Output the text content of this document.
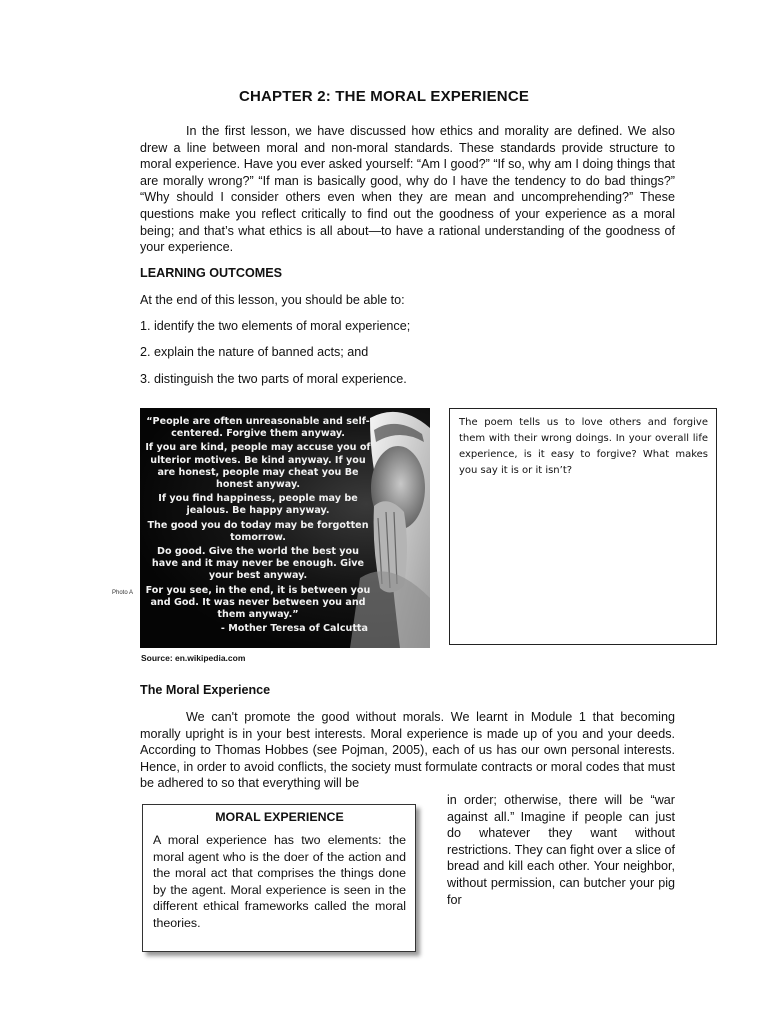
CHAPTER 2: THE MORAL EXPERIENCE

In the first lesson, we have discussed how ethics and morality are defined. We also drew a line between moral and non-moral standards. These standards provide structure to moral experience. Have you ever asked yourself: “Am I good?” “If so, why am I doing things that are morally wrong?” “If man is basically good, why do I have the tendency to do bad things?” “Why should I consider others even when they are mean and uncomprehending?” These questions make you reflect critically to find out the goodness of your experience as a moral being; and that’s what ethics is all about—to have a rational understanding of the goodness of your experience.

LEARNING OUTCOMES
At the end of this lesson, you should be able to:
1. identify the two elements of moral experience;
2. explain the nature of banned acts; and
3. distinguish the two parts of moral experience.

“People are often unreasonable and self-centered. Forgive them anyway.

If you are kind, people may accuse you of ulterior motives. Be kind anyway. If you are honest, people may cheat you Be honest anyway.

If you find happiness, people may be jealous. Be happy anyway.

The good you do today may be forgotten tomorrow.

Do good. Give the world the best you have and it may never be enough. Give your best anyway.

For you see, in the end, it is between you and God. It was never between you and them anyway.”

- Mother Teresa of Calcutta

Photo A
Source: en.wikipedia.com
The poem tells us to love others and forgive them with their wrong doings. In your overall life experience, is it easy to forgive? What makes you say it is or it isn’t?
The Moral Experience

We can't promote the good without morals. We learnt in Module 1 that becoming morally upright is in your best interests. Moral experience is made up of you and your deeds. According to Thomas Hobbes (see Pojman, 2005), each of us has our own personal interests. Hence, in order to avoid conflicts, the society must formulate contracts or moral codes that must be adhered to so that everything will be

in order; otherwise, there will be “war against all.” Imagine if people can just do whatever they want without restrictions. They can fight over a slice of bread and kill each other. Your neighbor, without permission, can butcher your pig for

MORAL EXPERIENCE

A moral experience has two elements: the moral agent who is the doer of the action and the moral act that comprises the things done by the agent. Moral experience is seen in the different ethical frameworks called the moral theories.
